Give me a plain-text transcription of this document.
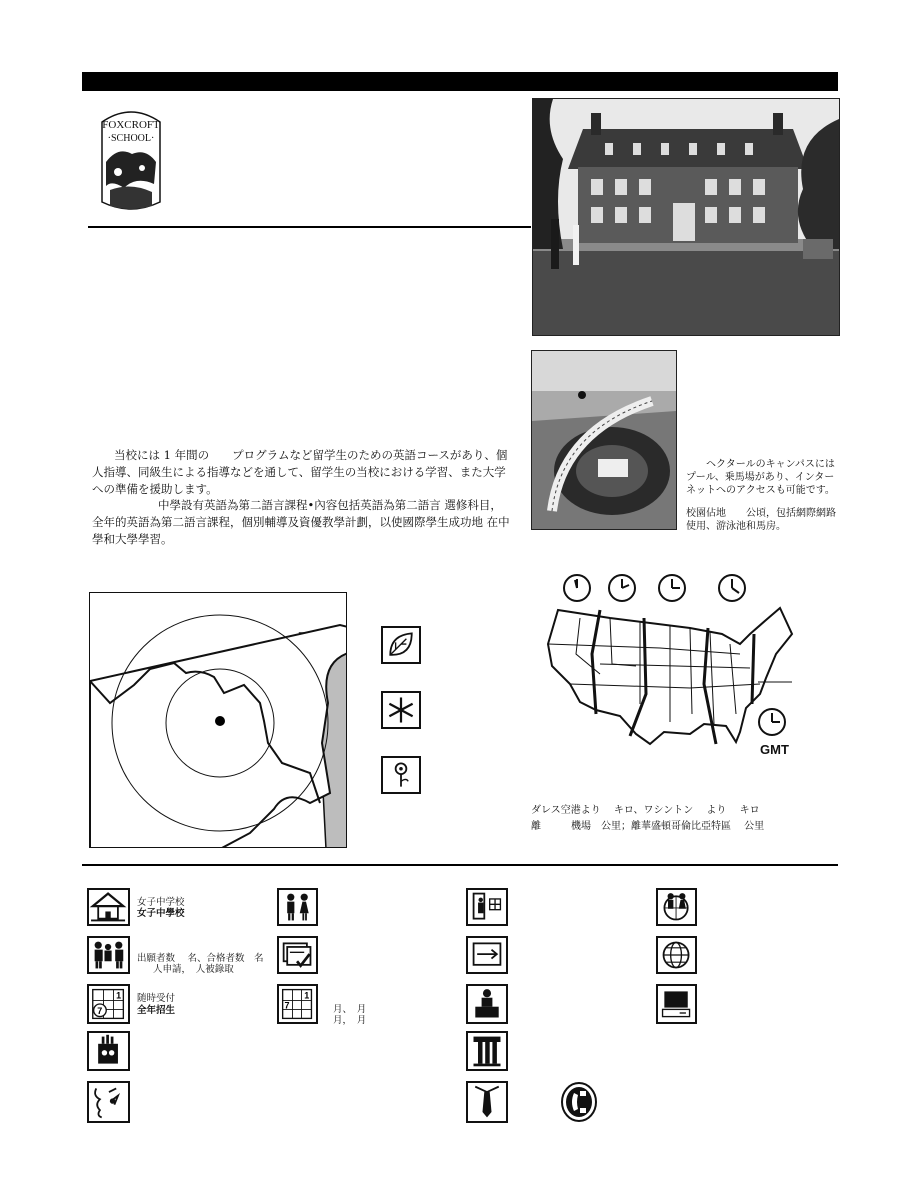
FOXCROFT
·SCHOOL·
当校には 1 年間の　　プログラムなど留学生のための英語コースがあり、個人指導、同級生による指導などを通して、留学生の当校における学習、また大学への準備を援助します。
中學設有英語為第二語言課程•內容包括英語為第二語言 選修科目， 全年的英語為第二語言課程，個別輔導及資優教學計劃，以使國際學生成功地 在中學和大學學習。
ヘクタールのキャンパスにはプール、乗馬場があり、インターネットへのアクセスも可能です。
校園佔地　　公頃，包括網際網路　　　使用、游泳池和馬房。
GMT
ダレス空港より　 キロ、ワシントン　 より　 キロ
離　　　機場　公里；離華盛頓哥倫比亞特區　 公里
女子中学校
女子中學校
出願者数　 名、合格者数　名
人申請，　人被錄取
1
7
随時受付
全年招生
1
7	月、　月
月，　月
